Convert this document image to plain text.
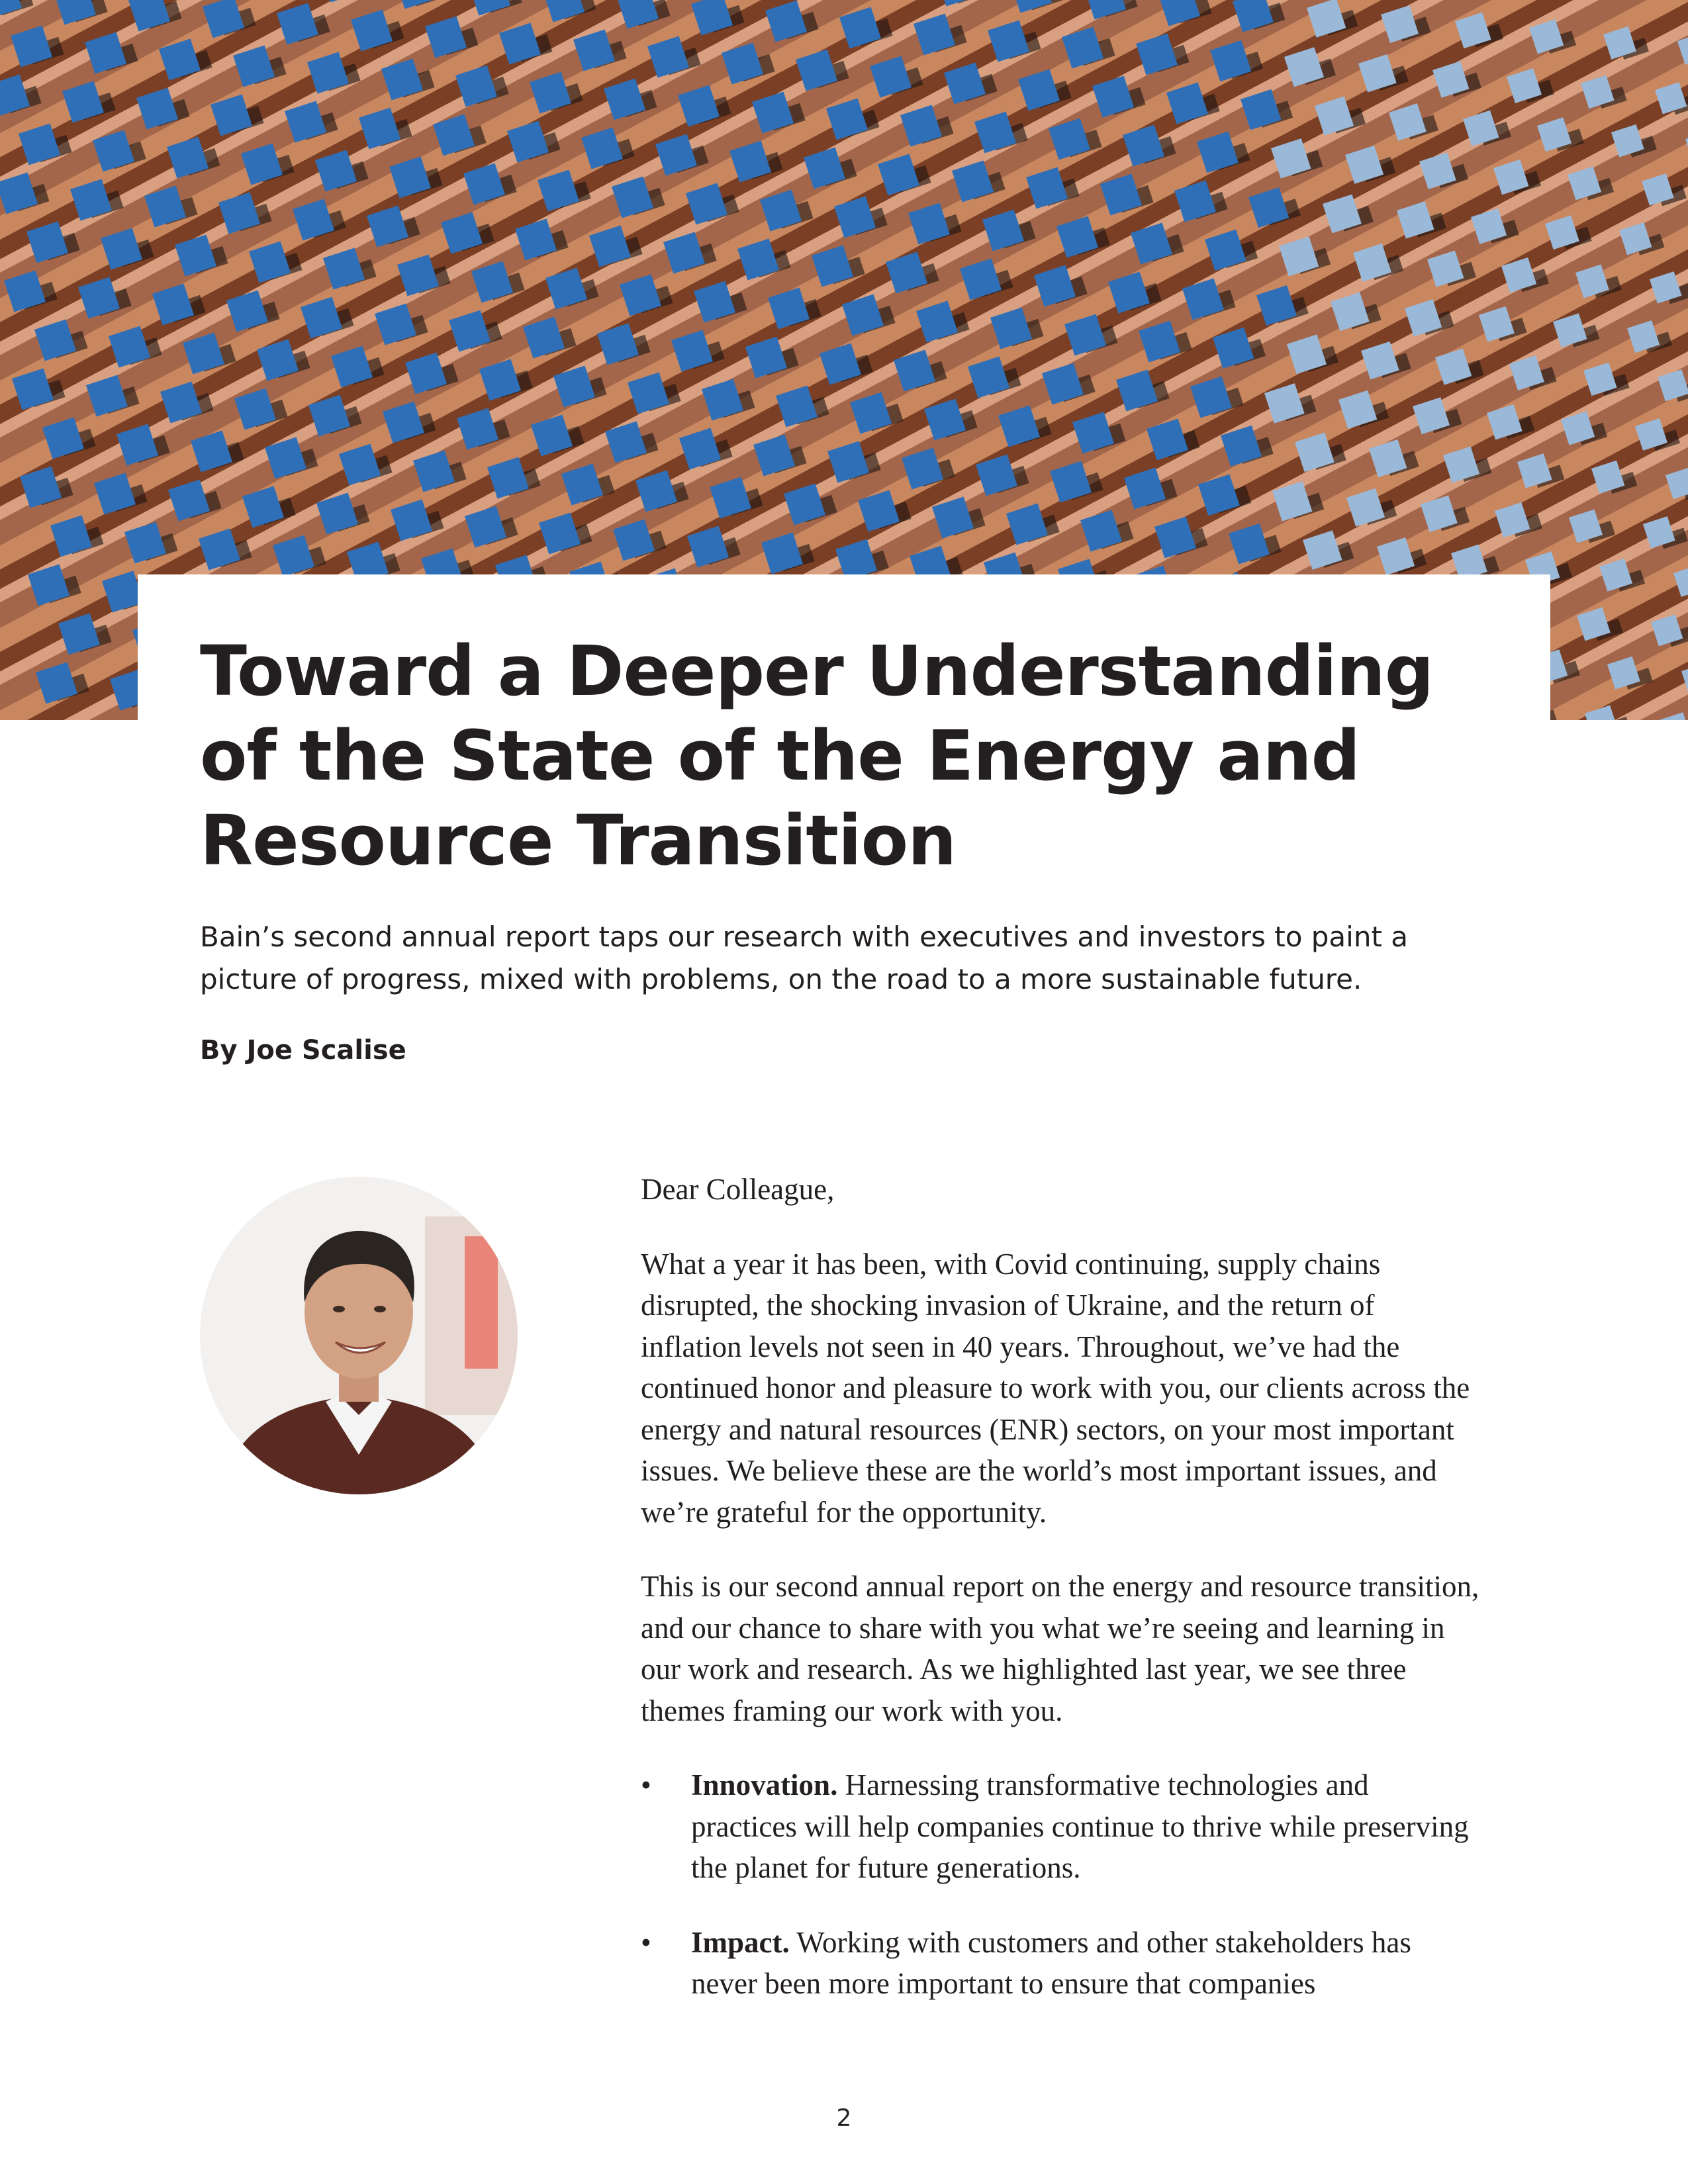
Toward a Deeper Understanding
of the State of the Energy and
Resource Transition

Bain’s second annual report taps our research with executives and investors to paint a picture of progress, mixed with problems, on the road to a more sustainable future.

By Joe Scalise

Dear Colleague,

What a year it has been, with Covid continuing, supply chains disrupted, the shocking invasion of Ukraine, and the return of inflation levels not seen in 40 years. Throughout, we’ve had the continued honor and pleasure to work with you, our clients across the energy and natural resources (ENR) sectors, on your most important issues. We believe these are the world’s most important issues, and we’re grateful for the opportunity.

This is our second annual report on the energy and resource transition, and our chance to share with you what we’re seeing and learning in our work and research. As we highlighted last year, we see three themes framing our work with you.

• Innovation. Harnessing transformative technologies and practices will help companies continue to thrive while preserving the planet for future generations.
• Impact. Working with customers and other stakeholders has never been more important to ensure that companies
2
